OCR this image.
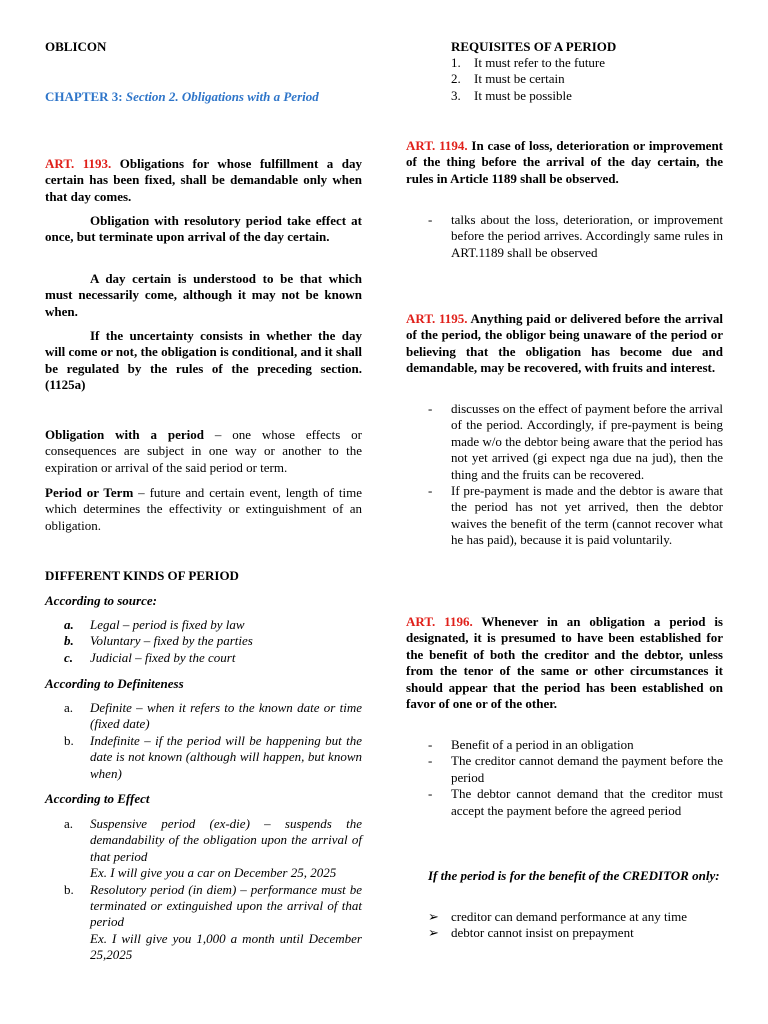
OBLICON

CHAPTER 3: Section 2. Obligations with a Period

ART. 1193. Obligations for whose fulfillment a day certain has been fixed, shall be demandable only when that day comes.

Obligation with resolutory period take effect at once, but terminate upon arrival of the day certain.

A day certain is understood to be that which must necessarily come, although it may not be known when.

If the uncertainty consists in whether the day will come or not, the obligation is conditional, and it shall be regulated by the rules of the preceding section. (1125a)

Obligation with a period – one whose effects or consequences are subject in one way or another to the expiration or arrival of the said period or term.

Period or Term – future and certain event, length of time which determines the effectivity or extinguishment of an obligation.

DIFFERENT KINDS OF PERIOD

According to source:

a. Legal – period is fixed by law
b. Voluntary – fixed by the parties
c. Judicial – fixed by the court

According to Definiteness

a. Definite – when it refers to the known date or time (fixed date)
b. Indefinite – if the period will be happening but the date is not known (although will happen, but known when)

According to Effect

a. Suspensive period (ex-die) – suspends the demandability of the obligation upon the arrival of that period
Ex. I will give you a car on December 25, 2025
b. Resolutory period (in diem) – performance must be terminated or extinguished upon the arrival of that period
Ex. I will give you 1,000 a month until December 25,2025

REQUISITES OF A PERIOD

1. It must refer to the future
2. It must be certain
3. It must be possible

ART. 1194. In case of loss, deterioration or improvement of the thing before the arrival of the day certain, the rules in Article 1189 shall be observed.

- talks about the loss, deterioration, or improvement before the period arrives. Accordingly same rules in ART.1189 shall be observed

ART. 1195. Anything paid or delivered before the arrival of the period, the obligor being unaware of the period or believing that the obligation has become due and demandable, may be recovered, with fruits and interest.

- discusses on the effect of payment before the arrival of the period. Accordingly, if pre-payment is being made w/o the debtor being aware that the period has not yet arrived (gi expect nga due na jud), then the thing and the fruits can be recovered.
- If pre-payment is made and the debtor is aware that the period has not yet arrived, then the debtor waives the benefit of the term (cannot recover what he has paid), because it is paid voluntarily.

ART. 1196. Whenever in an obligation a period is designated, it is presumed to have been established for the benefit of both the creditor and the debtor, unless from the tenor of the same or other circumstances it should appear that the period has been established on favor of one or of the other.

- Benefit of a period in an obligation
- The creditor cannot demand the payment before the period
- The debtor cannot demand that the creditor must accept the payment before the agreed period

If the period is for the benefit of the CREDITOR only:

➢ creditor can demand performance at any time
➢ debtor cannot insist on prepayment
